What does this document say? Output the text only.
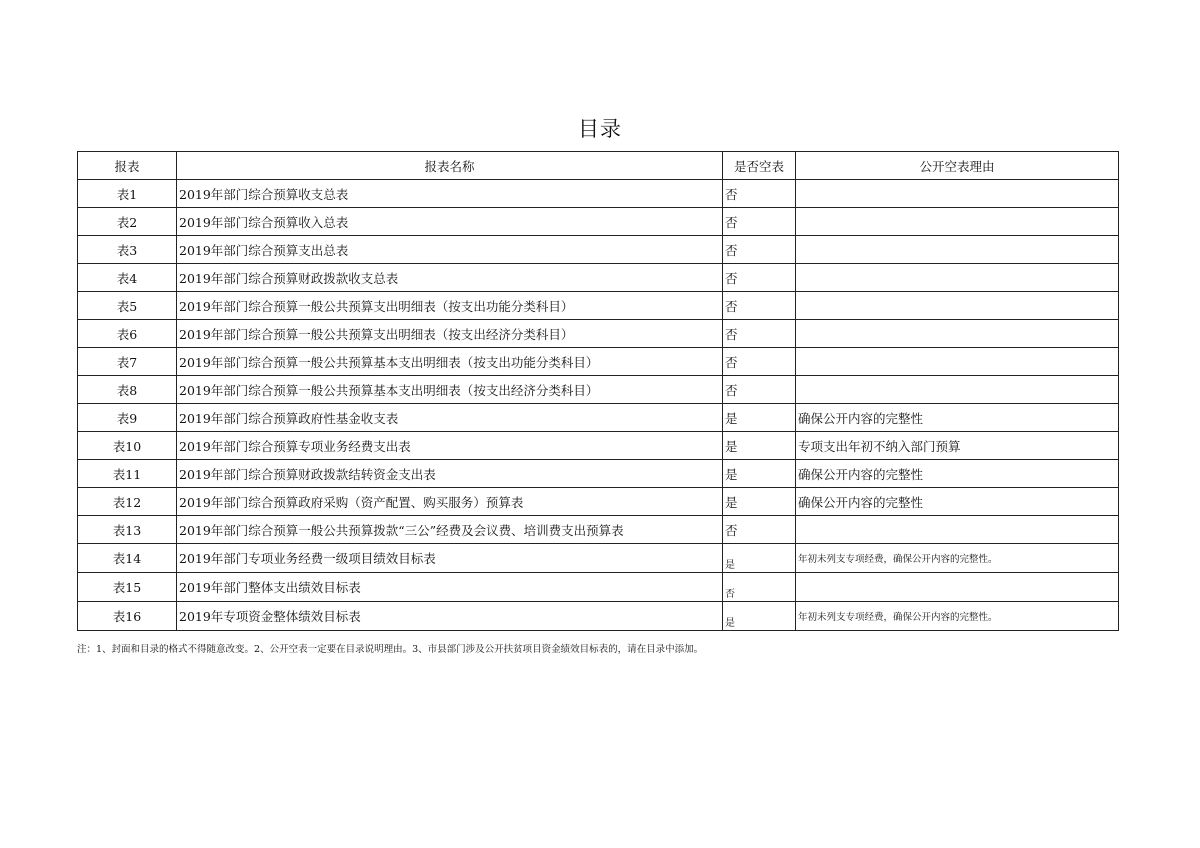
目录
报表	报表名称	是否空表	公开空表理由
表1	2019年部门综合预算收支总表	否	
表2	2019年部门综合预算收入总表	否	
表3	2019年部门综合预算支出总表	否	
表4	2019年部门综合预算财政拨款收支总表	否	
表5	2019年部门综合预算一般公共预算支出明细表（按支出功能分类科目）	否	
表6	2019年部门综合预算一般公共预算支出明细表（按支出经济分类科目）	否	
表7	2019年部门综合预算一般公共预算基本支出明细表（按支出功能分类科目）	否	
表8	2019年部门综合预算一般公共预算基本支出明细表（按支出经济分类科目）	否	
表9	2019年部门综合预算政府性基金收支表	是	确保公开内容的完整性
表10	2019年部门综合预算专项业务经费支出表	是	专项支出年初不纳入部门预算
表11	2019年部门综合预算财政拨款结转资金支出表	是	确保公开内容的完整性
表12	2019年部门综合预算政府采购（资产配置、购买服务）预算表	是	确保公开内容的完整性
表13	2019年部门综合预算一般公共预算拨款“三公”经费及会议费、培训费支出预算表	否	
表14	2019年部门专项业务经费一级项目绩效目标表	是	年初未列支专项经费，确保公开内容的完整性。
表15	2019年部门整体支出绩效目标表	否	
表16	2019年专项资金整体绩效目标表	是	年初未列支专项经费，确保公开内容的完整性。
注：1、封面和目录的格式不得随意改变。2、公开空表一定要在目录说明理由。3、市县部门涉及公开扶贫项目资金绩效目标表的，请在目录中添加。
